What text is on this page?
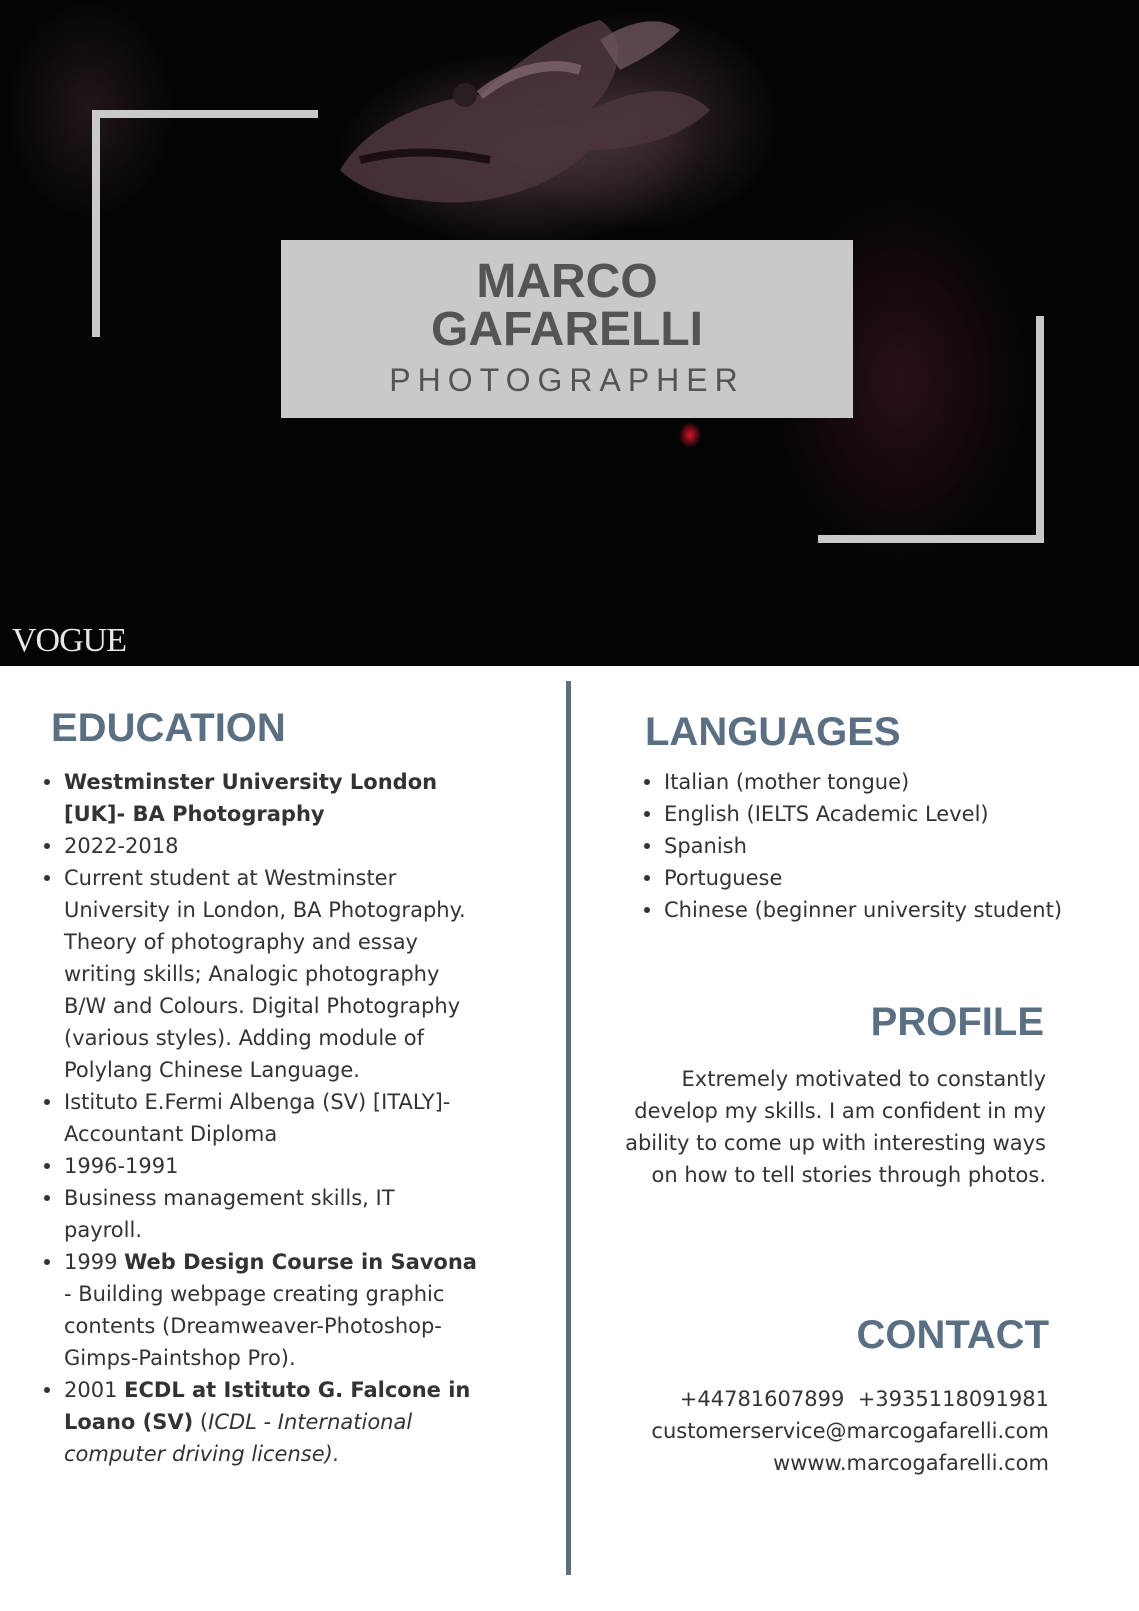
MARCO
GAFARELLI
PHOTOGRAPHER
VOGUE
EDUCATION
Westminster University London [UK]- BA Photography
2022-2018
Current student at Westminster University in London, BA Photography. Theory of photography and essay writing skills; Analogic photography B/W and Colours. Digital Photography (various styles). Adding module of Polylang Chinese Language.
Istituto E.Fermi Albenga (SV) [ITALY]- Accountant Diploma
1996-1991
Business management skills, IT payroll.
1999 Web Design Course in Savona - Building webpage creating graphic contents (Dreamweaver-Photoshop-Gimps-Paintshop Pro).
2001 ECDL at Istituto G. Falcone in Loano (SV) (ICDL - International computer driving license).
LANGUAGES
Italian (mother tongue)
English (IELTS Academic Level)
Spanish
Portuguese
Chinese (beginner university student)
PROFILE
Extremely motivated to constantly develop my skills. I am confident in my ability to come up with interesting ways on how to tell stories through photos.
CONTACT
+44781607899 +3935118091981
customerservice@marcogafarelli.com
wwww.marcogafarelli.com
